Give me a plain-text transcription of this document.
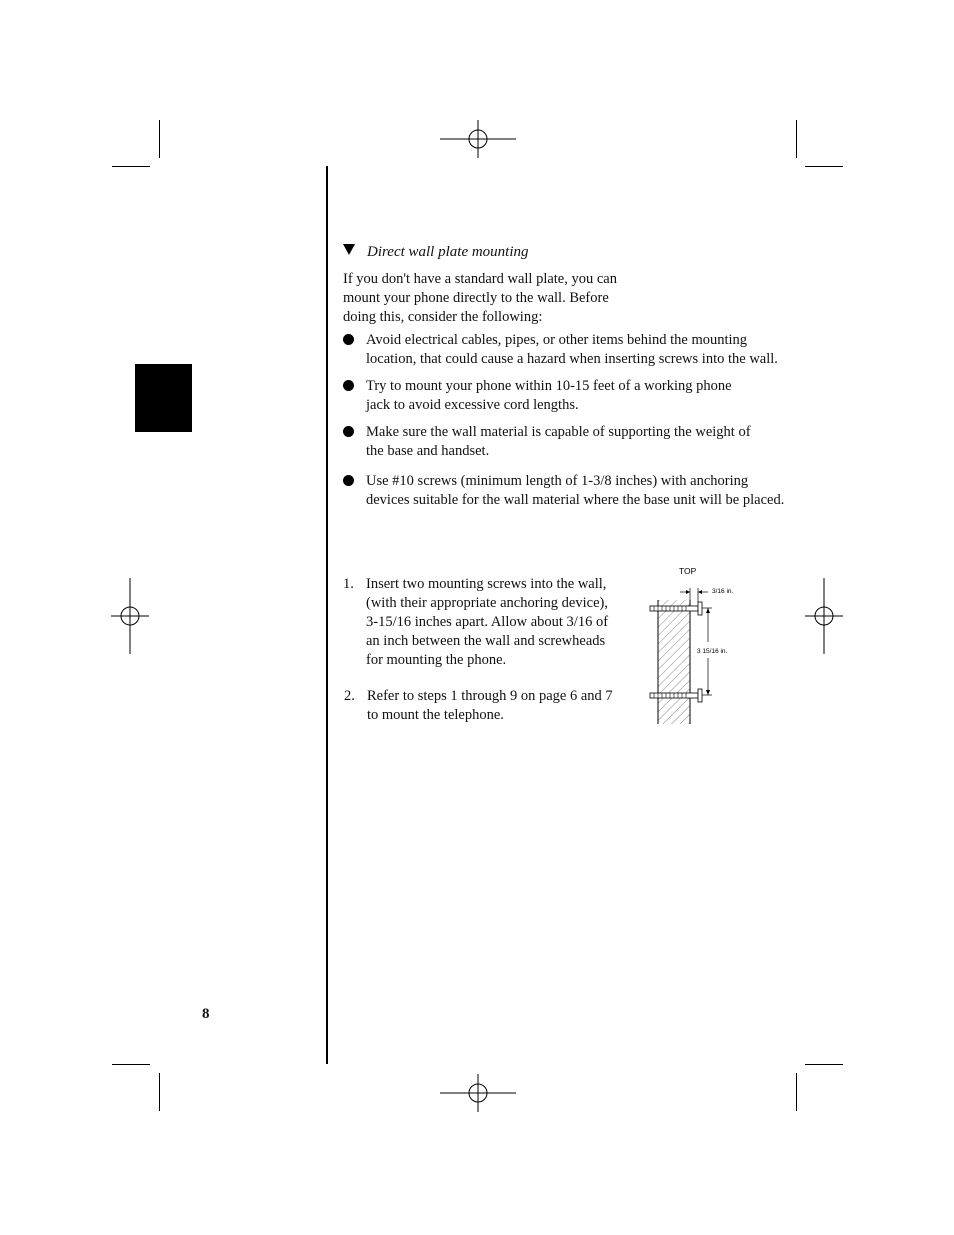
Direct wall plate mounting
If you don't have a standard wall plate, you can
mount your phone directly to the wall. Before
doing this, consider the following:
Avoid electrical cables, pipes, or other items behind the mounting
location, that could cause a hazard when inserting screws into the wall.
Try to mount your phone within 10-15 feet of a working phone
jack to avoid excessive cord lengths.
Make sure the wall material is capable of supporting the weight of
the base and handset.
Use #10 screws (minimum length of 1-3/8 inches) with anchoring
devices suitable for the wall material where the base unit will be placed.
1. Insert two mounting screws into the wall,
(with their appropriate anchoring device),
3-15/16 inches apart. Allow about 3/16 of
an inch between the wall and screwheads
for mounting the phone.
2. Refer to steps 1 through 9 on page 6 and 7
to mount the telephone.
TOP
3/16 in.
3 15/16 in.
8
